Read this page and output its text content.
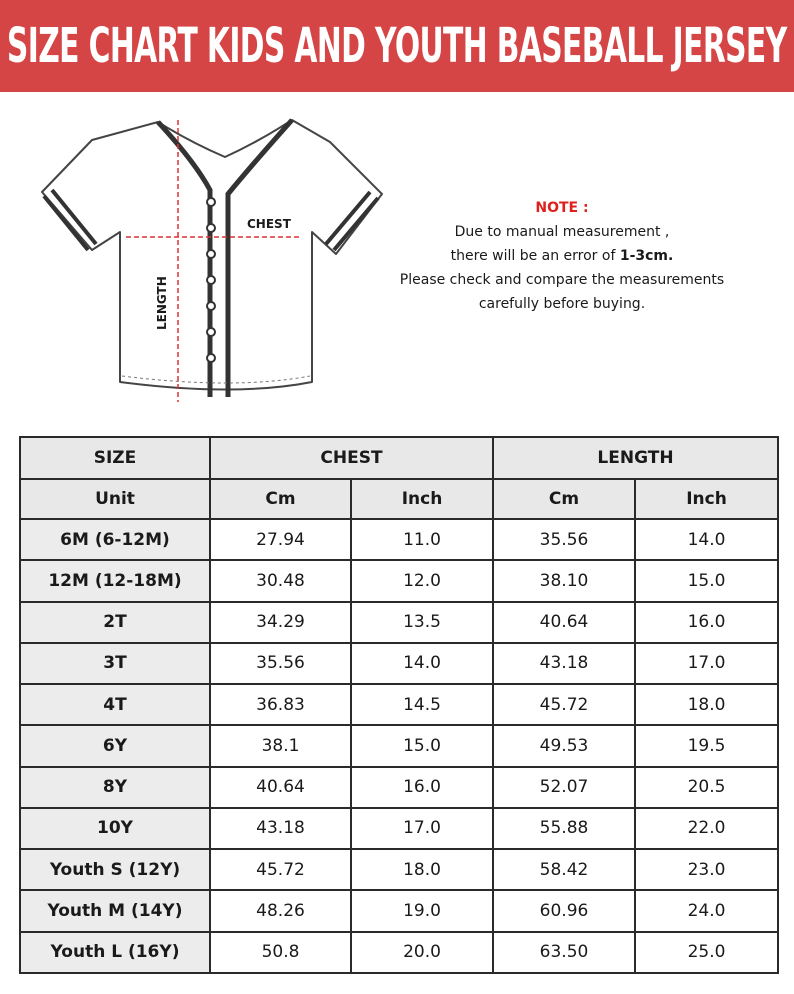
SIZE CHART KIDS AND YOUTH BASEBALL JERSEY
CHEST
LENGTH
NOTE :
Due to manual measurement ,
there will be an error of 1-3cm.
Please check and compare the measurements
carefully before buying.
SIZE	CHEST		LENGTH	
Unit	Cm	Inch	Cm	Inch
6M (6-12M)	27.94	11.0	35.56	14.0
12M (12-18M)	30.48	12.0	38.10	15.0
2T	34.29	13.5	40.64	16.0
3T	35.56	14.0	43.18	17.0
4T	36.83	14.5	45.72	18.0
6Y	38.1	15.0	49.53	19.5
8Y	40.64	16.0	52.07	20.5
10Y	43.18	17.0	55.88	22.0
Youth S (12Y)	45.72	18.0	58.42	23.0
Youth M (14Y)	48.26	19.0	60.96	24.0
Youth L (16Y)	50.8	20.0	63.50	25.0
